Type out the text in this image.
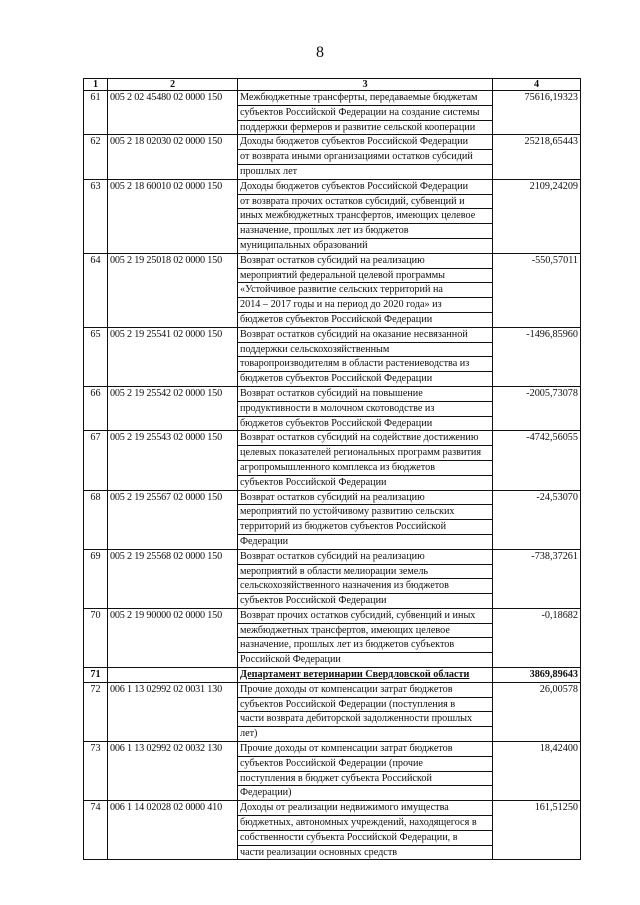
8
1	2	3	4
61	005 2 02 45480 02 0000 150	Межбюджетные трансферты, передаваемые бюджетам
субъектов Российской Федерации на создание системы
поддержки фермеров и развитие сельской кооперации	75616,19323
62	005 2 18 02030 02 0000 150	Доходы бюджетов субъектов Российской Федерации
от возврата иными организациями остатков субсидий
прошлых лет	25218,65443
63	005 2 18 60010 02 0000 150	Доходы бюджетов субъектов Российской Федерации
от возврата прочих остатков субсидий, субвенций и
иных межбюджетных трансфертов, имеющих целевое
назначение, прошлых лет из бюджетов
муниципальных образований	2109,24209
64	005 2 19 25018 02 0000 150	Возврат остатков субсидий на реализацию
мероприятий федеральной целевой программы
«Устойчивое развитие сельских территорий на
2014 – 2017 годы и на период до 2020 года» из
бюджетов субъектов Российской Федерации	-550,57011
65	005 2 19 25541 02 0000 150	Возврат остатков субсидий на оказание несвязанной
поддержки сельскохозяйственным
товаропроизводителям в области растениеводства из
бюджетов субъектов Российской Федерации	-1496,85960
66	005 2 19 25542 02 0000 150	Возврат остатков субсидий на повышение
продуктивности в молочном скотоводстве из
бюджетов субъектов Российской Федерации	-2005,73078
67	005 2 19 25543 02 0000 150	Возврат остатков субсидий на содействие достижению
целевых показателей региональных программ развития
агропромышленного комплекса из бюджетов
субъектов Российской Федерации	-4742,56055
68	005 2 19 25567 02 0000 150	Возврат остатков субсидий на реализацию
мероприятий по устойчивому развитию сельских
территорий из бюджетов субъектов Российской
Федерации	-24,53070
69	005 2 19 25568 02 0000 150	Возврат остатков субсидий на реализацию
мероприятий в области мелиорации земель
сельскохозяйственного назначения из бюджетов
субъектов Российской Федерации	-738,37261
70	005 2 19 90000 02 0000 150	Возврат прочих остатков субсидий, субвенций и иных
межбюджетных трансфертов, имеющих целевое
назначение, прошлых лет из бюджетов субъектов
Российской Федерации	-0,18682
71		Департамент ветеринарии Свердловской области	3869,89643
72	006 1 13 02992 02 0031 130	Прочие доходы от компенсации затрат бюджетов
субъектов Российской Федерации (поступления в
части возврата дебиторской задолженности прошлых
лет)	26,00578
73	006 1 13 02992 02 0032 130	Прочие доходы от компенсации затрат бюджетов
субъектов Российской Федерации (прочие
поступления в бюджет субъекта Российской
Федерации)	18,42400
74	006 1 14 02028 02 0000 410	Доходы от реализации недвижимого имущества
бюджетных, автономных учреждений, находящегося в
собственности субъекта Российской Федерации, в
части реализации основных средств	161,51250
